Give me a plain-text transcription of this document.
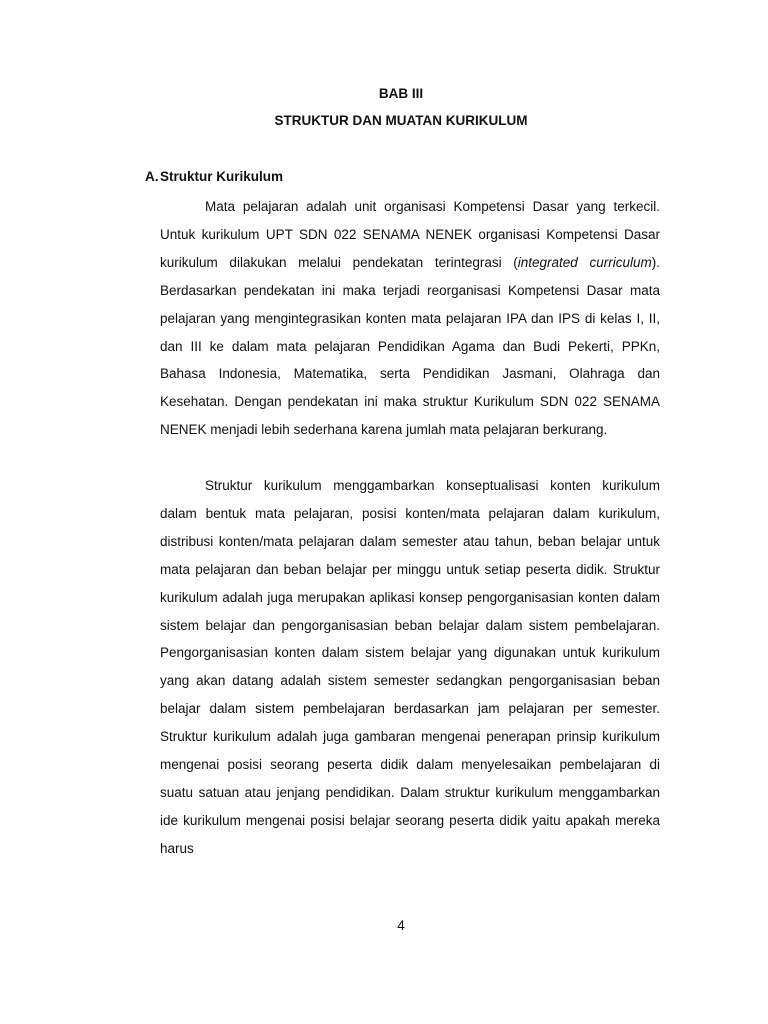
BAB III
STRUKTUR DAN MUATAN KURIKULUM
A. Struktur Kurikulum

Mata pelajaran adalah unit organisasi Kompetensi Dasar yang terkecil. Untuk kurikulum UPT SDN 022 SENAMA NENEK organisasi Kompetensi Dasar kurikulum dilakukan melalui pendekatan terintegrasi (integrated curriculum). Berdasarkan pendekatan ini maka terjadi reorganisasi Kompetensi Dasar mata pelajaran yang mengintegrasikan konten mata pelajaran IPA dan IPS di kelas I, II, dan III ke dalam mata pelajaran Pendidikan Agama dan Budi Pekerti, PPKn, Bahasa Indonesia, Matematika, serta Pendidikan Jasmani, Olahraga dan Kesehatan. Dengan pendekatan ini maka struktur Kurikulum SDN 022 SENAMA NENEK menjadi lebih sederhana karena jumlah mata pelajaran berkurang.

Struktur kurikulum menggambarkan konseptualisasi konten kurikulum dalam bentuk mata pelajaran, posisi konten/mata pelajaran dalam kurikulum, distribusi konten/mata pelajaran dalam semester atau tahun, beban belajar untuk mata pelajaran dan beban belajar per minggu untuk setiap peserta didik. Struktur kurikulum adalah juga merupakan aplikasi konsep pengorganisasian konten dalam sistem belajar dan pengorganisasian beban belajar dalam sistem pembelajaran. Pengorganisasian konten dalam sistem belajar yang digunakan untuk kurikulum yang akan datang adalah sistem semester sedangkan pengorganisasian beban belajar dalam sistem pembelajaran berdasarkan jam pelajaran per semester. Struktur kurikulum adalah juga gambaran mengenai penerapan prinsip kurikulum mengenai posisi seorang peserta didik dalam menyelesaikan pembelajaran di suatu satuan atau jenjang pendidikan. Dalam struktur kurikulum menggambarkan ide kurikulum mengenai posisi belajar seorang peserta didik yaitu apakah mereka harus

4
